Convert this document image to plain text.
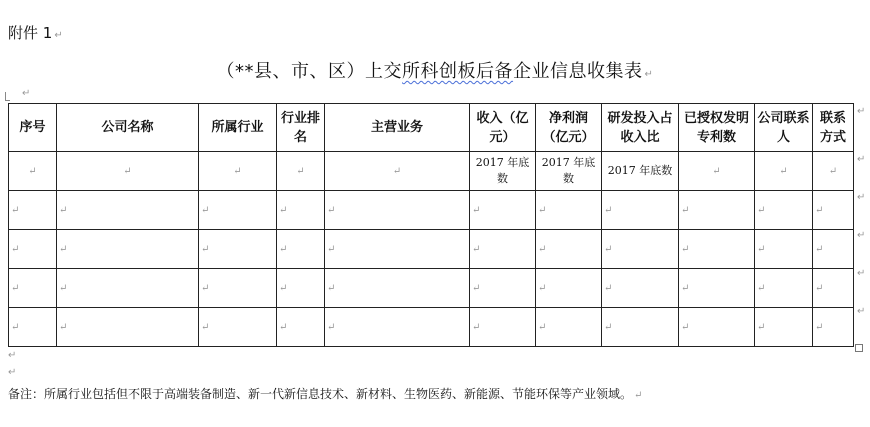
附件 1 ↵
（**县、市、区）上交所科创板后备企业信息收集表 ↵
↵
序号	公司名称	所属行业	行业排名	主营业务	收入（亿元）	净利润（亿元）	研发投入占收入比	已授权发明专利数	公司联系人	联系方式
↵	↵	↵	↵	↵	2017 年底数	2017 年底数	2017 年底数	↵	↵	↵
↵	↵	↵	↵	↵	↵	↵	↵	↵	↵	↵
↵	↵	↵	↵	↵	↵	↵	↵	↵	↵	↵
↵	↵	↵	↵	↵	↵	↵	↵	↵	↵	↵
↵	↵	↵	↵	↵	↵	↵	↵	↵	↵	↵
↵
↵
↵
↵
↵
↵
↵
↵
备注：所属行业包括但不限于高端装备制造、新一代新信息技术、新材料、生物医药、新能源、节能环保等产业领域。 ↵
